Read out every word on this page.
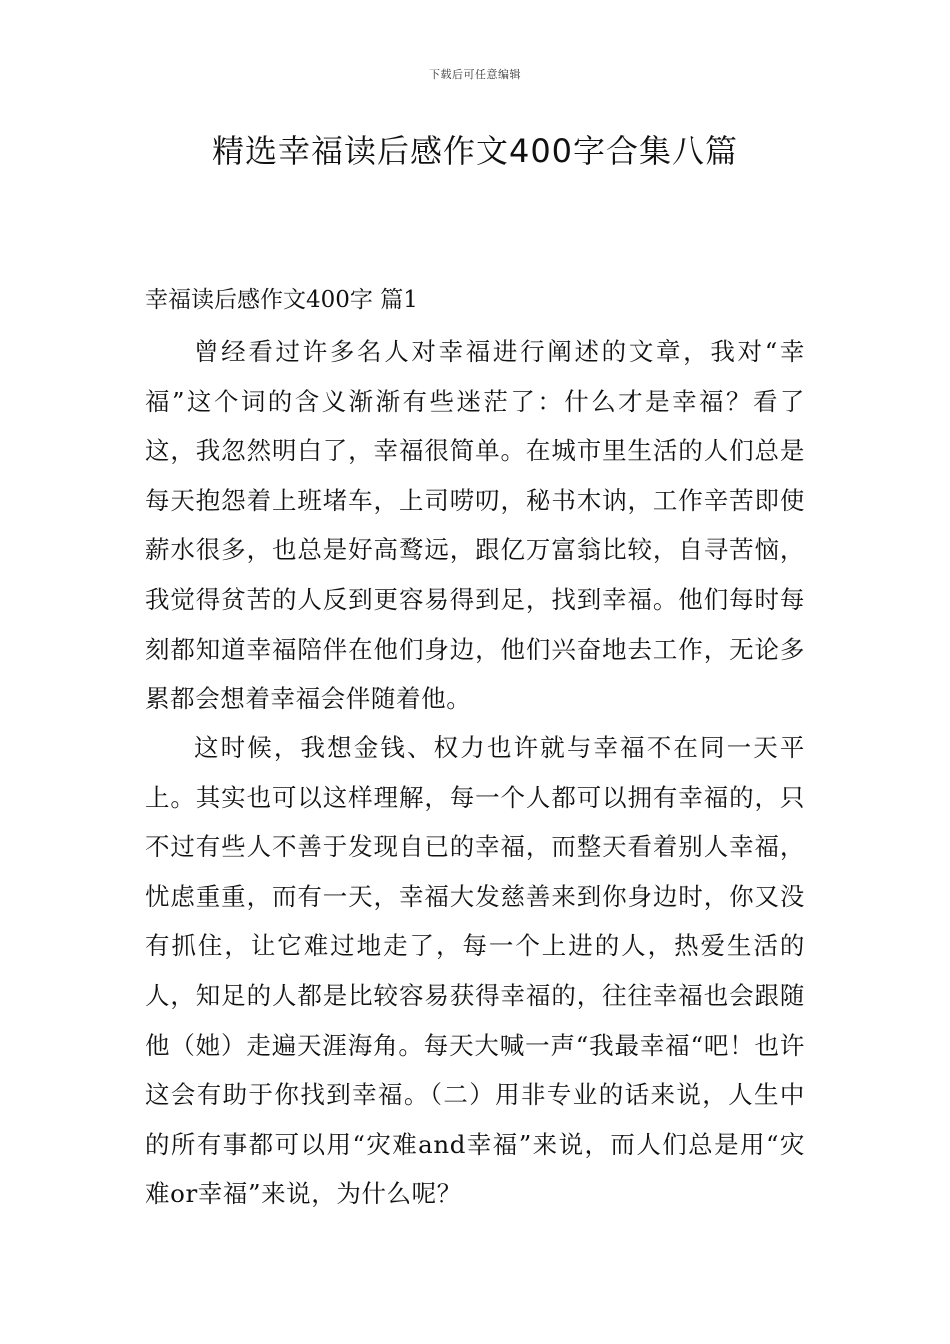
下载后可任意编辑
精选幸福读后感作文400字合集八篇
幸福读后感作文400字 篇1

曾经看过许多名人对幸福进行阐述的文章，我对“幸福”这个词的含义渐渐有些迷茫了：什么才是幸福？看了这，我忽然明白了，幸福很简单。在城市里生活的人们总是每天抱怨着上班堵车，上司唠叨，秘书木讷，工作辛苦即使薪水很多，也总是好高鹜远，跟亿万富翁比较，自寻苦恼，我觉得贫苦的人反到更容易得到足，找到幸福。他们每时每刻都知道幸福陪伴在他们身边，他们兴奋地去工作，无论多累都会想着幸福会伴随着他。

这时候，我想金钱、权力也许就与幸福不在同一天平上。其实也可以这样理解，每一个人都可以拥有幸福的，只不过有些人不善于发现自已的幸福，而整天看着别人幸福，忧虑重重，而有一天，幸福大发慈善来到你身边时，你又没有抓住，让它难过地走了，每一个上进的人，热爱生活的人，知足的人都是比较容易获得幸福的，往往幸福也会跟随他（她）走遍天涯海角。每天大喊一声“我最幸福“吧！也许这会有助于你找到幸福。（二）用非专业的话来说，人生中的所有事都可以用“灾难and幸福”来说，而人们总是用“灾难or幸福”来说，为什么呢？
